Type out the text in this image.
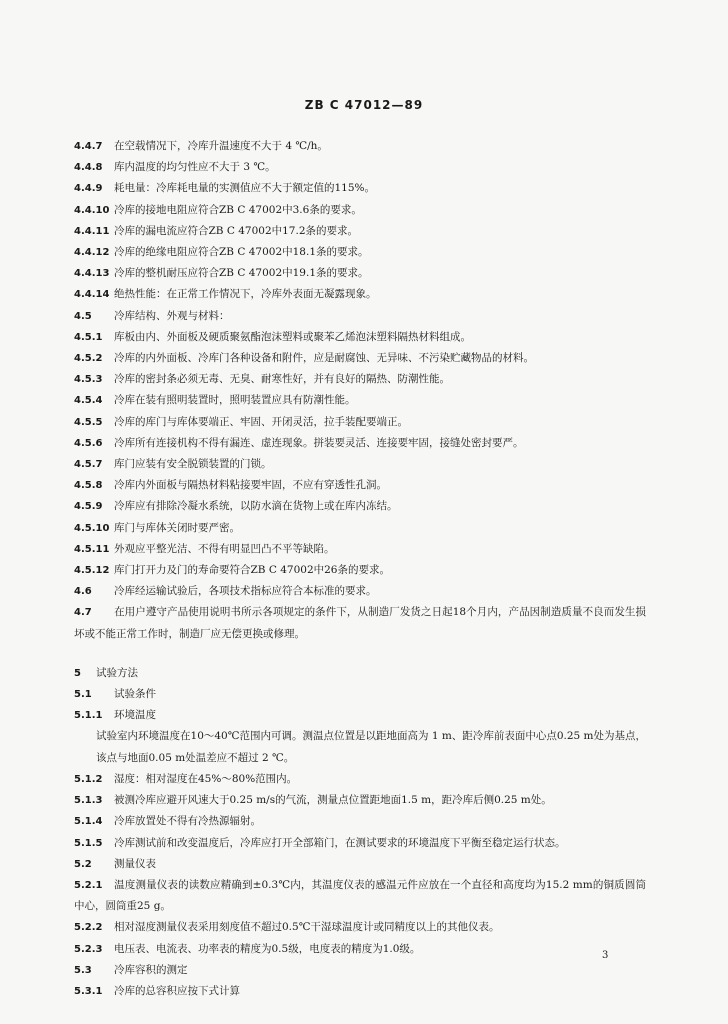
ZB C 47012—89
4.4.7 在空载情况下，冷库升温速度不大于 4 ℃/h。
4.4.8 库内温度的均匀性应不大于 3 ℃。
4.4.9 耗电量：冷库耗电量的实测值应不大于额定值的115%。
4.4.10 冷库的接地电阻应符合ZB C 47002中3.6条的要求。
4.4.11 冷库的漏电流应符合ZB C 47002中17.2条的要求。
4.4.12 冷库的绝缘电阻应符合ZB C 47002中18.1条的要求。
4.4.13 冷库的整机耐压应符合ZB C 47002中19.1条的要求。
4.4.14 绝热性能：在正常工作情况下，冷库外表面无凝露现象。
4.5 冷库结构、外观与材料：
4.5.1 库板由内、外面板及硬质聚氨酯泡沫塑料或聚苯乙烯泡沫塑料隔热材料组成。
4.5.2 冷库的内外面板、冷库门各种设备和附件，应是耐腐蚀、无异味、不污染贮藏物品的材料。
4.5.3 冷库的密封条必须无毒、无臭、耐寒性好，并有良好的隔热、防潮性能。
4.5.4 冷库在装有照明装置时，照明装置应具有防潮性能。
4.5.5 冷库的库门与库体要端正、牢固、开闭灵活，拉手装配要端正。
4.5.6 冷库所有连接机构不得有漏连、虚连现象。拼装要灵活、连接要牢固，接缝处密封要严。
4.5.7 库门应装有安全脱锁装置的门锁。
4.5.8 冷库内外面板与隔热材料粘接要牢固，不应有穿透性孔洞。
4.5.9 冷库应有排除冷凝水系统，以防水滴在货物上或在库内冻结。
4.5.10 库门与库体关闭时要严密。
4.5.11 外观应平整光洁、不得有明显凹凸不平等缺陷。
4.5.12 库门打开力及门的寿命要符合ZB C 47002中26条的要求。
4.6 冷库经运输试验后，各项技术指标应符合本标准的要求。
4.7 在用户遵守产品使用说明书所示各项规定的条件下，从制造厂发货之日起18个月内，产品因制造质量不良而发生损坏或不能正常工作时，制造厂应无偿更换或修理。
5 试验方法
5.1 试验条件
5.1.1 环境温度
试验室内环境温度在10～40℃范围内可调。测温点位置是以距地面高为 1 m、距冷库前表面中心点0.25 m处为基点，该点与地面0.05 m处温差应不超过 2 ℃。
5.1.2 湿度：相对湿度在45%～80%范围内。
5.1.3 被测冷库应避开风速大于0.25 m/s的气流，测量点位置距地面1.5 m，距冷库后侧0.25 m处。
5.1.4 冷库放置处不得有冷热源辐射。
5.1.5 冷库测试前和改变温度后，冷库应打开全部箱门，在测试要求的环境温度下平衡至稳定运行状态。
5.2 测量仪表
5.2.1 温度测量仪表的读数应精确到±0.3℃内，其温度仪表的感温元件应放在一个直径和高度均为15.2 mm的铜质圆筒中心，圆筒重25 g。
5.2.2 相对湿度测量仪表采用刻度值不超过0.5℃干湿球温度计或同精度以上的其他仪表。
5.2.3 电压表、电流表、功率表的精度为0.5级，电度表的精度为1.0级。
5.3 冷库容积的测定
5.3.1 冷库的总容积应按下式计算
3
